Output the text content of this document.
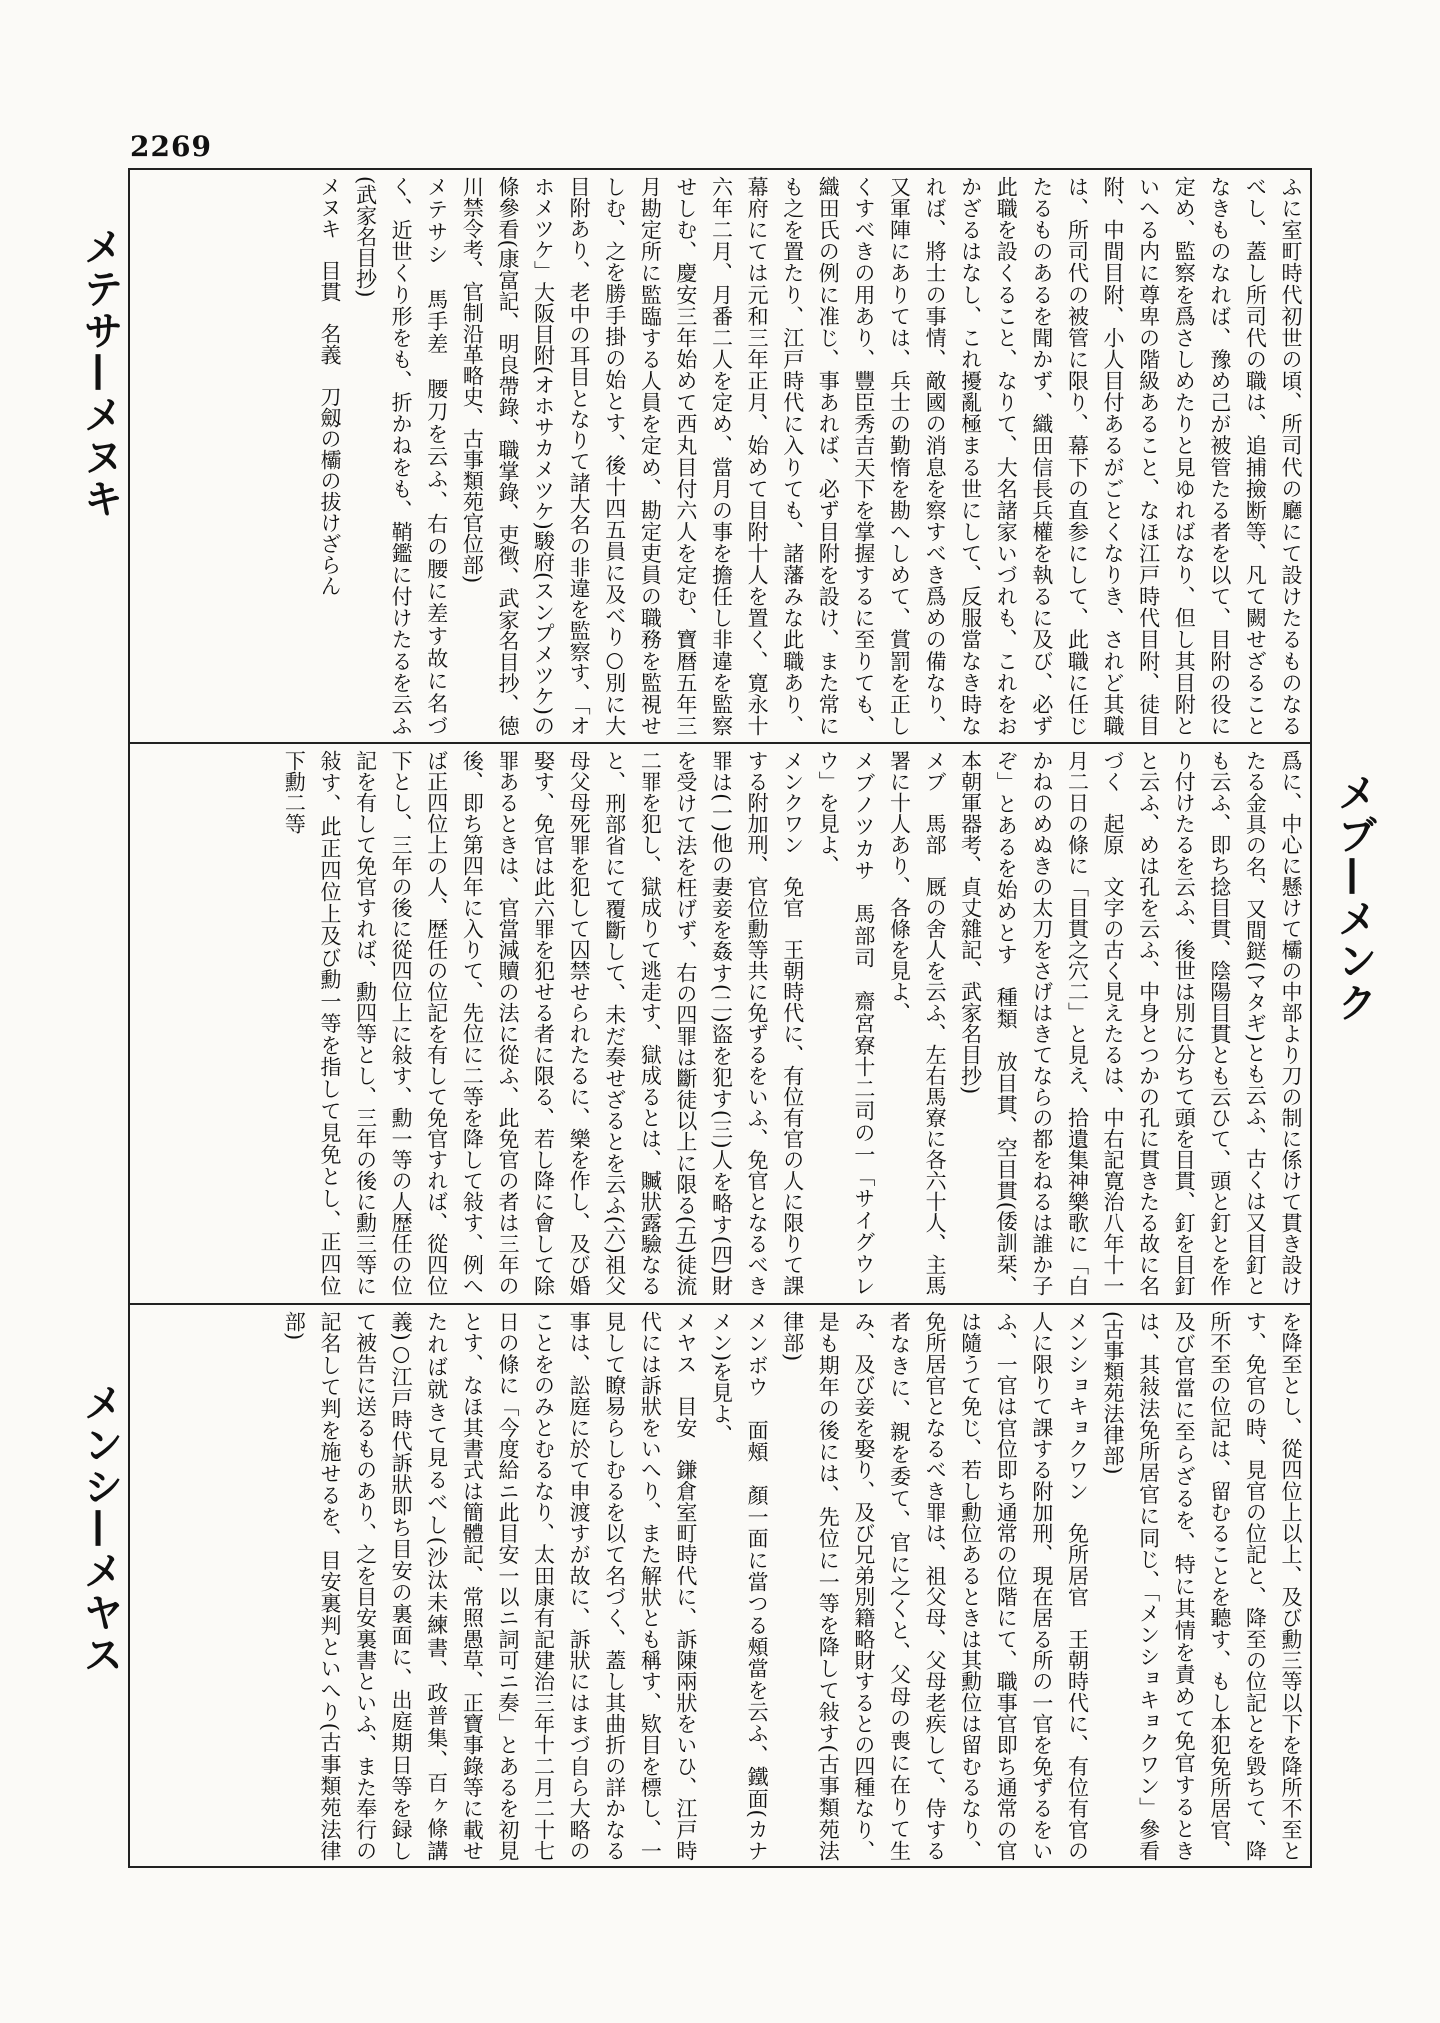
2269

ふに室町時代初世の頃、所司代の廳にて設けたるものなるべし、蓋し所司代の職は、追捕撿断等、凡て闕せざることなきものなれば、豫め己が被管たる者を以て、目附の役に定め、監察を爲さしめたりと見ゆればなり、但し其目附といへる内に尊卑の階級あること、なほ江戸時代目附、徒目附、中間目附、小人目付あるがごとくなりき、されど其職は、所司代の被管に限り、幕下の直参にして、此職に任じたるものあるを聞かず、織田信長兵權を執るに及び、必ず此職を設くること、なりて、大名諸家いづれも、これをおかざるはなし、これ擾亂極まる世にして、反服當なき時なれば、將士の事情、敵國の消息を察すべき爲めの備なり、又軍陣にありては、兵士の勤惰を勘へしめて、賞罰を正しくすべきの用あり、豐臣秀吉天下を掌握するに至りても、織田氏の例に准じ、事あれば、必ず目附を設け、また常にも之を置たり、江戸時代に入りても、諸藩みな此職あり、幕府にては元和三年正月、始めて目附十人を置く、寛永十六年二月、月番二人を定め、當月の事を擔任し非違を監察せしむ、慶安三年始めて西丸目付六人を定む、寶暦五年三月勘定所に監臨する人員を定め、勘定吏員の職務を監視せしむ、之を勝手掛の始とす、後十四五員に及べり○別に大目附あり、老中の耳目となりて諸大名の非違を監察す、「オホメツケ」大阪目附(オホサカメツケ)駿府(スンプメツケ)の條參看(康富記、明良帶錄、職掌錄、吏徴、武家名目抄、徳川禁令考、官制沿革略史、古事類苑官位部)

メテサシ　馬手差　腰刀を云ふ、右の腰に差す故に名づく、近世くり形をも、折かねをも、鞘鑑に付けたるを云ふ(武家名目抄)

メヌキ　目貫　名義　刀劔の欛の拔けざらん

爲に、中心に懸けて欛の中部より刀の制に係けて貫き設けたる金具の名、又間鎹(マタギ)とも云ふ、古くは又目釘とも云ふ、即ち捻目貫、陰陽目貫とも云ひて、頭と釘とを作り付けたるを云ふ、後世は別に分ちて頭を目貫、釘を目釘と云ふ、めは孔を云ふ、中身とつかの孔に貫きたる故に名づく　起原　文字の古く見えたるは、中右記寛治八年十一月二日の條に「目貫之穴二」と見え、拾遺集神樂歌に「白かねのめぬきの太刀をさげはきてならの都をねるは誰か子ぞ」とあるを始めとす　種類　放目貫、空目貫(倭訓栞、本朝軍器考、貞丈雜記、武家名目抄)

メブ　馬部　厩の舍人を云ふ、左右馬寮に各六十人、主馬署に十人あり、各條を見よ、

メブノツカサ　馬部司　齋宮寮十二司の一「サイグウレウ」を見よ、

メンクワン　免官　王朝時代に、有位有官の人に限りて課する附加刑、官位勳等共に免ずるをいふ、免官となるべき罪は(一)他の妻妾を姦す(二)盜を犯す(三)人を略す(四)財を受けて法を枉げず、右の四罪は斷徒以上に限る(五)徒流二罪を犯し、獄成りて逃走す、獄成るとは、贓狀露驗なると、刑部省にて覆斷して、未だ奏せざるとを云ふ(六)祖父母父母死罪を犯して囚禁せられたるに、樂を作し、及び婚娶す、免官は此六罪を犯せる者に限る、若し降に會して除罪あるときは、官當減贖の法に從ふ、此免官の者は三年の後、即ち第四年に入りて、先位に二等を降して敍す、例へば正四位上の人、歴任の位記を有して免官すれば、從四位下とし、三年の後に從四位上に敍す、勳一等の人歴任の位記を有して免官すれば、勳四等とし、三年の後に勳三等に敍す、此正四位上及び勳一等を指して見免とし、正四位　下勳二等

を降至とし、從四位上以上、及び勳三等以下を降所不至とす、免官の時、見官の位記と、降至の位記とを毀ちて、降所不至の位記は、留むることを聽す、もし本犯免所居官、及び官當に至らざるを、特に其情を責めて免官するときは、其敍法免所居官に同じ、「メンショキョクワン」參看(古事類苑法律部)

メンショキョクワン　免所居官　王朝時代に、有位有官の人に限りて課する附加刑、現在居る所の一官を免ずるをいふ、一官は官位即ち通常の位階にて、職事官即ち通常の官は隨うて免じ、若し勳位あるときは其勳位は留むるなり、免所居官となるべき罪は、祖父母、父母老疾して、侍する者なきに、親を委て、官に之くと、父母の喪に在りて生み、及び妾を娶り、及び兄弟別籍略財するとの四種なり、是も期年の後には、先位に一等を降して敍す(古事類苑法律部)

メンボウ　面頰　顏一面に當つる頰當を云ふ、鐵面(カナメン)を見よ、

メヤス　目安　鎌倉室町時代に、訴陳兩狀をいひ、江戸時代には訴狀をいへり、また解狀とも稱す、欵目を標し、一見して瞭易らしむるを以て名づく、蓋し其曲折の詳かなる事は、訟庭に於て申渡すが故に、訴狀にはまづ自ら大略のことをのみとむるなり、太田康有記建治三年十二月二十七日の條に「今度給ニ此目安一以ニ詞可ニ奏」とあるを初見とす、なほ其書式は簡體記、常照愚草、正寶事錄等に載せたれば就きて見るべし(沙汰未練書、政普集、百ヶ條講義)○江戸時代訴狀即ち目安の裏面に、出庭期日等を録して被告に送るものあり、之を目安裏書といふ、また奉行の記名して判を施せるを、目安裏判といへり(古事類苑法律部)

メテサ—メヌキ
メブ—メンク
メンシ—メヤス
